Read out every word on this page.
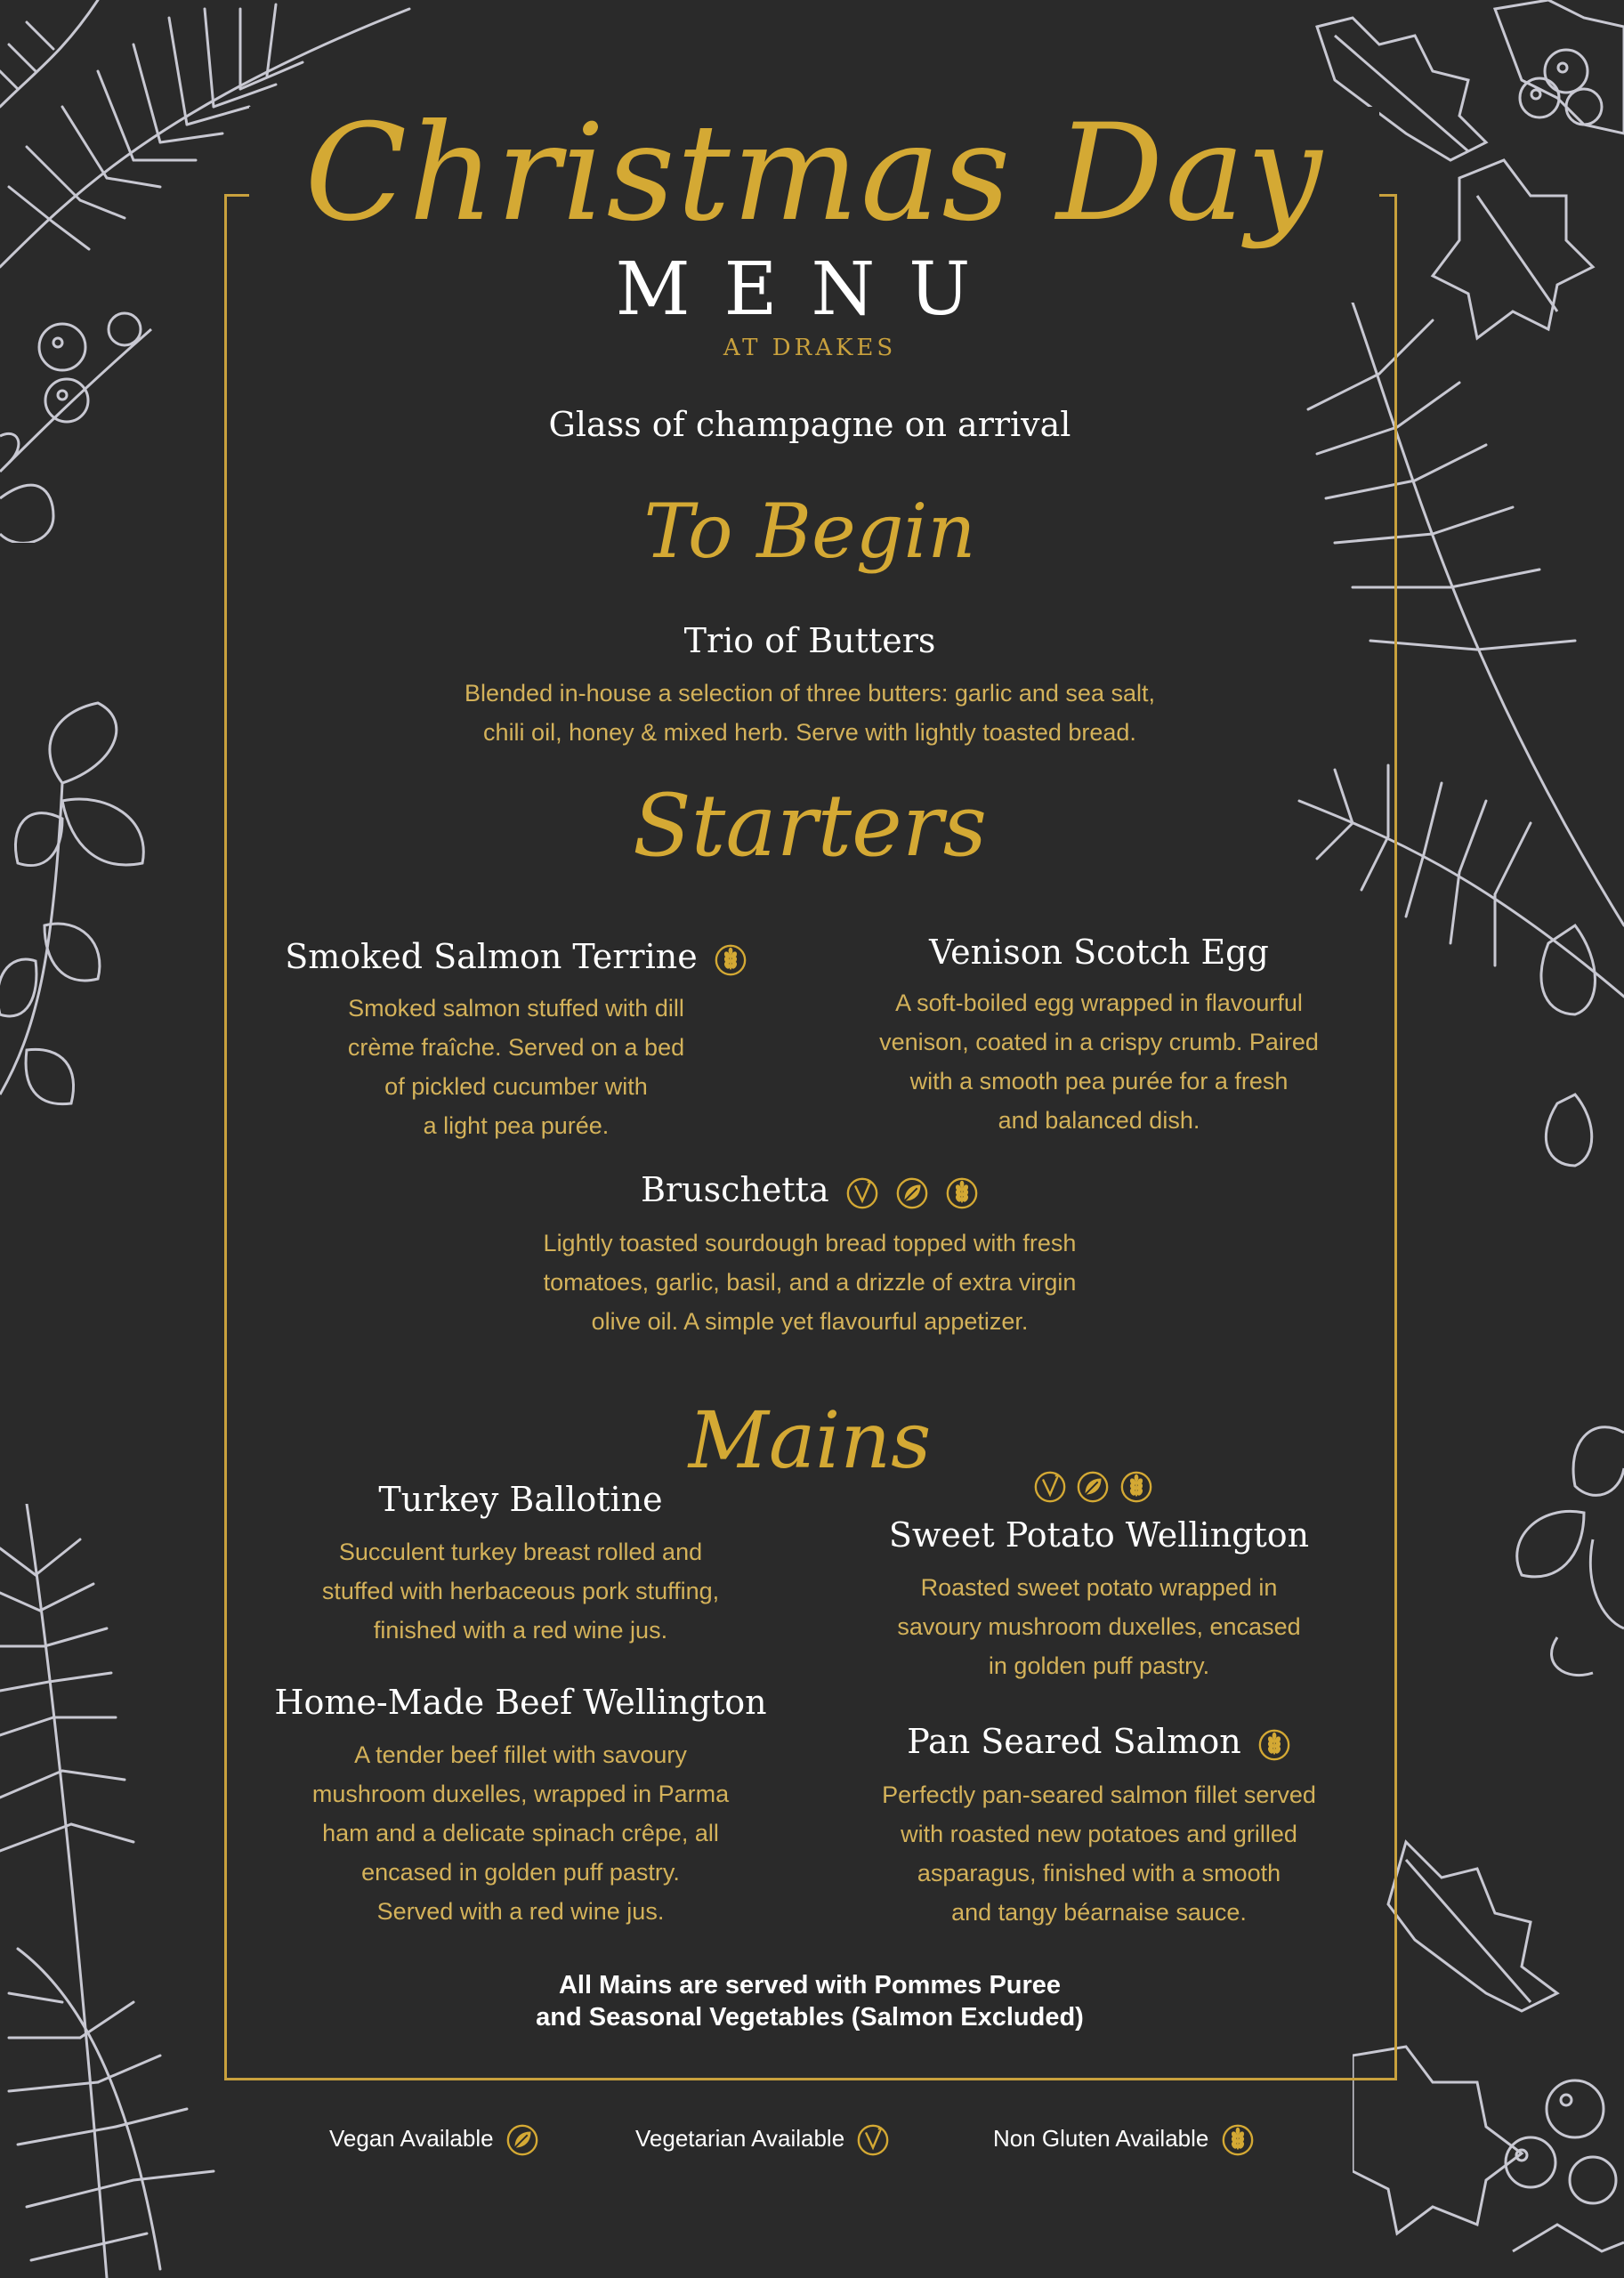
Christmas Day
MENU
AT DRAKES
Glass of champagne on arrival
To Begin
Trio of Butters
Blended in-house a selection of three butters: garlic and sea salt,
chili oil, honey & mixed herb. Serve with lightly toasted bread.
Starters
Smoked Salmon Terrine
Smoked salmon stuffed with dill
crème fraîche. Served on a bed
of pickled cucumber with
a light pea purée.
Venison Scotch Egg
A soft-boiled egg wrapped in flavourful
venison, coated in a crispy crumb. Paired
with a smooth pea purée for a fresh
and balanced dish.
Bruschetta
Lightly toasted sourdough bread topped with fresh
tomatoes, garlic, basil, and a drizzle of extra virgin
olive oil. A simple yet flavourful appetizer.
Mains
Turkey Ballotine
Succulent turkey breast rolled and
stuffed with herbaceous pork stuffing,
finished with a red wine jus.

Sweet Potato Wellington
Roasted sweet potato wrapped in
savoury mushroom duxelles, encased
in golden puff pastry.
Home-Made Beef Wellington
A tender beef fillet with savoury
mushroom duxelles, wrapped in Parma
ham and a delicate spinach crêpe, all
encased in golden puff pastry.
Served with a red wine jus.
Pan Seared Salmon
Perfectly pan-seared salmon fillet served
with roasted new potatoes and grilled
asparagus, finished with a smooth
and tangy béarnaise sauce.
All Mains are served with Pommes Puree
and Seasonal Vegetables (Salmon Excluded)
Vegan Available	Vegetarian Available	Non Gluten Available
